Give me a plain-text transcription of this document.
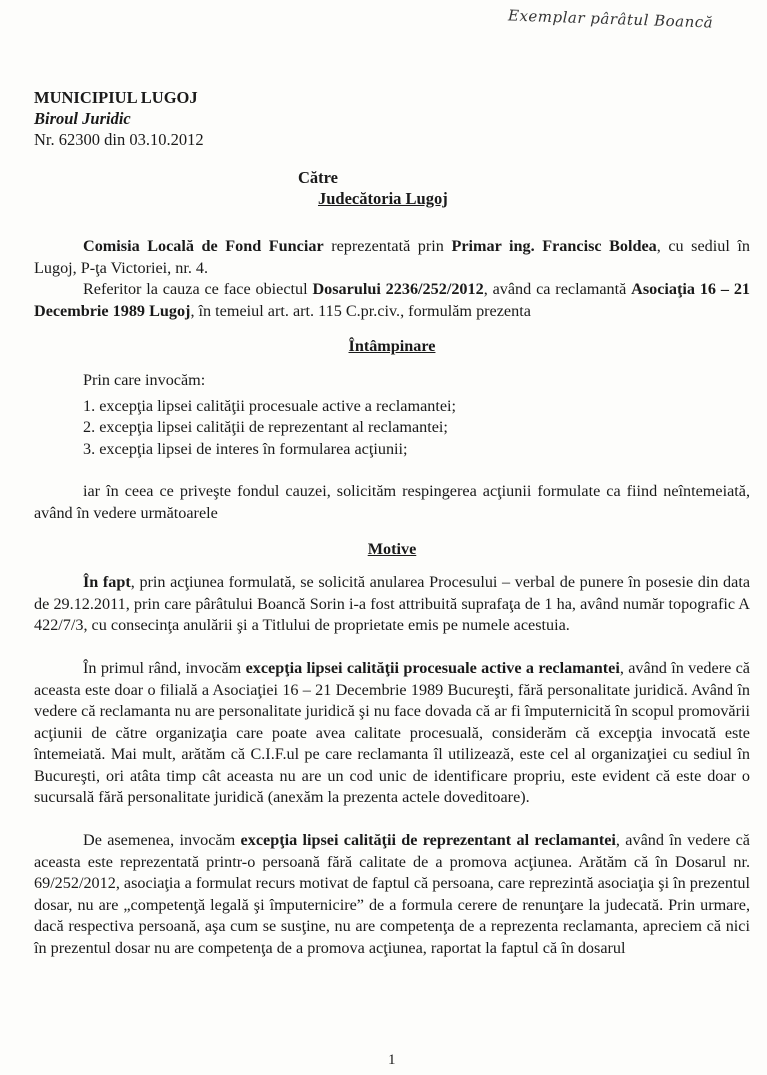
Exemplar pârâtul Boancă
MUNICIPIUL LUGOJ
Biroul Juridic
Nr. 62300 din 03.10.2012
Către
Judecătoria Lugoj

Comisia Locală de Fond Funciar reprezentată prin Primar ing. Francisc Boldea, cu sediul în Lugoj, P-ţa Victoriei, nr. 4.

Referitor la cauza ce face obiectul Dosarului 2236/252/2012, având ca reclamantă Asociaţia 16 – 21 Decembrie 1989 Lugoj, în temeiul art. art. 115 C.pr.civ., formulăm prezenta

Întâmpinare

Prin care invocăm:

1. excepţia lipsei calităţii procesuale active a reclamantei;
2. excepţia lipsei calităţii de reprezentant al reclamantei;
3. excepţia lipsei de interes în formularea acţiunii;

iar în ceea ce priveşte fondul cauzei, solicităm respingerea acţiunii formulate ca fiind neîntemeiată, având în vedere următoarele

Motive

În fapt, prin acţiunea formulată, se solicită anularea Procesului – verbal de punere în posesie din data de 29.12.2011, prin care pârâtului Boancă Sorin i-a fost attribuită suprafaţa de 1 ha, având număr topografic A 422/7/3, cu consecinţa anulării şi a Titlului de proprietate emis pe numele acestuia.

În primul rând, invocăm excepţia lipsei calităţii procesuale active a reclamantei, având în vedere că aceasta este doar o filială a Asociaţiei 16 – 21 Decembrie 1989 Bucureşti, fără personalitate juridică. Având în vedere că reclamanta nu are personalitate juridică şi nu face dovada că ar fi împuternicită în scopul promovării acţiunii de către organizaţia care poate avea calitate procesuală, considerăm că excepţia invocată este întemeiată. Mai mult, arătăm că C.I.F.ul pe care reclamanta îl utilizează, este cel al organizaţiei cu sediul în Bucureşti, ori atâta timp cât aceasta nu are un cod unic de identificare propriu, este evident că este doar o sucursală fără personalitate juridică (anexăm la prezenta actele doveditoare).

De asemenea, invocăm excepţia lipsei calităţii de reprezentant al reclamantei, având în vedere că aceasta este reprezentată printr-o persoană fără calitate de a promova acţiunea. Arătăm că în Dosarul nr. 69/252/2012, asociaţia a formulat recurs motivat de faptul că persoana, care reprezintă asociaţia şi în prezentul dosar, nu are „competenţă legală şi împuternicire” de a formula cerere de renunţare la judecată. Prin urmare, dacă respectiva persoană, aşa cum se susţine, nu are competenţa de a reprezenta reclamanta, apreciem că nici în prezentul dosar nu are competenţa de a promova acţiunea, raportat la faptul că în dosarul

1
